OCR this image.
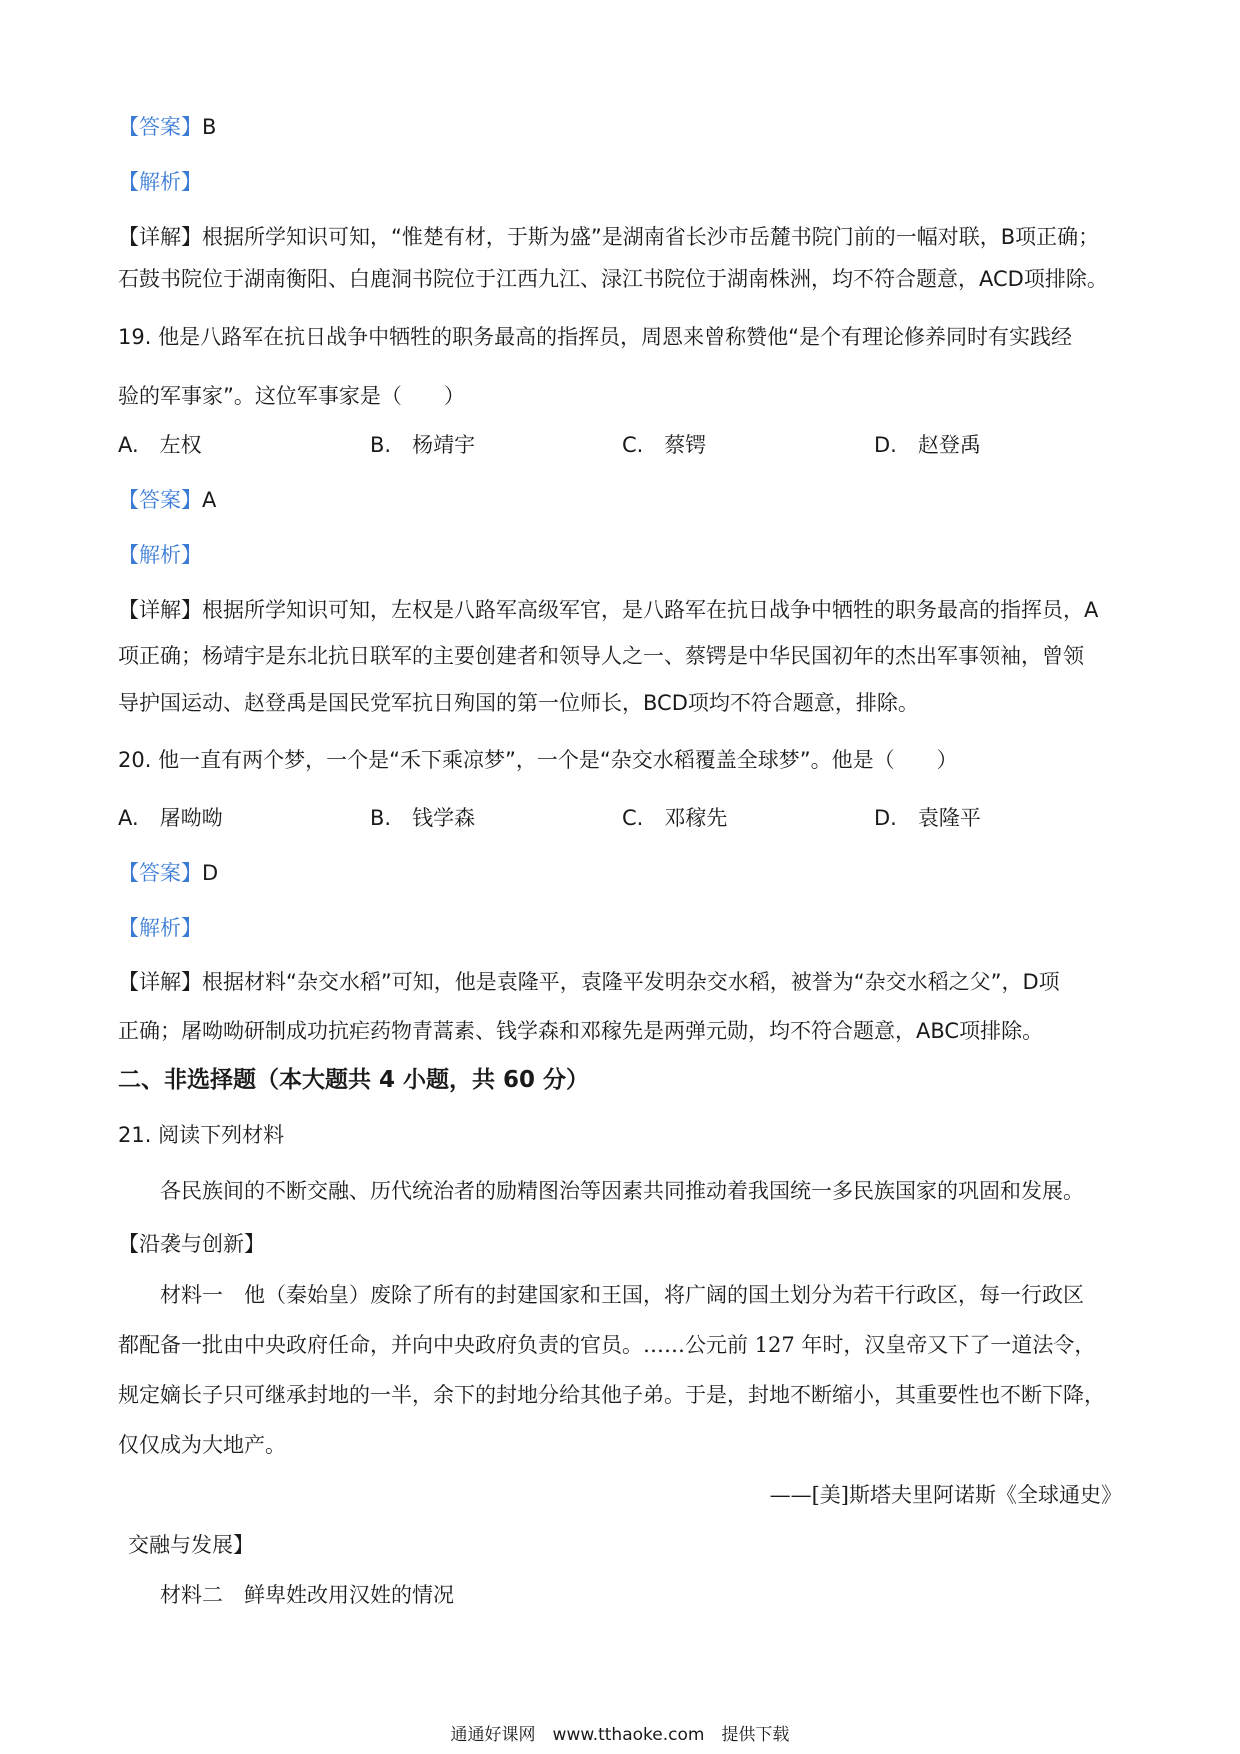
【答案】B
【解析】
【详解】根据所学知识可知，“惟楚有材，于斯为盛”是湖南省长沙市岳麓书院门前的一幅对联，B项正确；
石鼓书院位于湖南衡阳、白鹿洞书院位于江西九江、渌江书院位于湖南株洲，均不符合题意，ACD项排除。
19. 他是八路军在抗日战争中牺牲的职务最高的指挥员，周恩来曾称赞他“是个有理论修养同时有实践经
验的军事家”。这位军事家是（　　）
A.　左权	B.　杨靖宇	C.　蔡锷	D.　赵登禹
【答案】A
【解析】
【详解】根据所学知识可知，左权是八路军高级军官，是八路军在抗日战争中牺牲的职务最高的指挥员，A
项正确；杨靖宇是东北抗日联军的主要创建者和领导人之一、蔡锷是中华民国初年的杰出军事领袖，曾领
导护国运动、赵登禹是国民党军抗日殉国的第一位师长，BCD项均不符合题意，排除。
20. 他一直有两个梦，一个是“禾下乘凉梦”，一个是“杂交水稻覆盖全球梦”。他是（　　）
A.　屠呦呦	B.　钱学森	C.　邓稼先	D.　袁隆平
【答案】D
【解析】
【详解】根据材料“杂交水稻”可知，他是袁隆平，袁隆平发明杂交水稻，被誉为“杂交水稻之父”，D项
正确；屠呦呦研制成功抗疟药物青蒿素、钱学森和邓稼先是两弹元勋，均不符合题意，ABC项排除。
二、非选择题（本大题共 4 小题，共 60 分）
21. 阅读下列材料
各民族间的不断交融、历代统治者的励精图治等因素共同推动着我国统一多民族国家的巩固和发展。
【沿袭与创新】
材料一　他（秦始皇）废除了所有的封建国家和王国，将广阔的国土划分为若干行政区，每一行政区
都配备一批由中央政府任命，并向中央政府负责的官员。……公元前 127 年时，汉皇帝又下了一道法令，
规定嫡长子只可继承封地的一半，余下的封地分给其他子弟。于是，封地不断缩小，其重要性也不断下降，
仅仅成为大地产。
——[美]斯塔夫里阿诺斯《全球通史》
交融与发展】
材料二　鲜卑姓改用汉姓的情况
通通好课网　www.tthaoke.com　提供下载
